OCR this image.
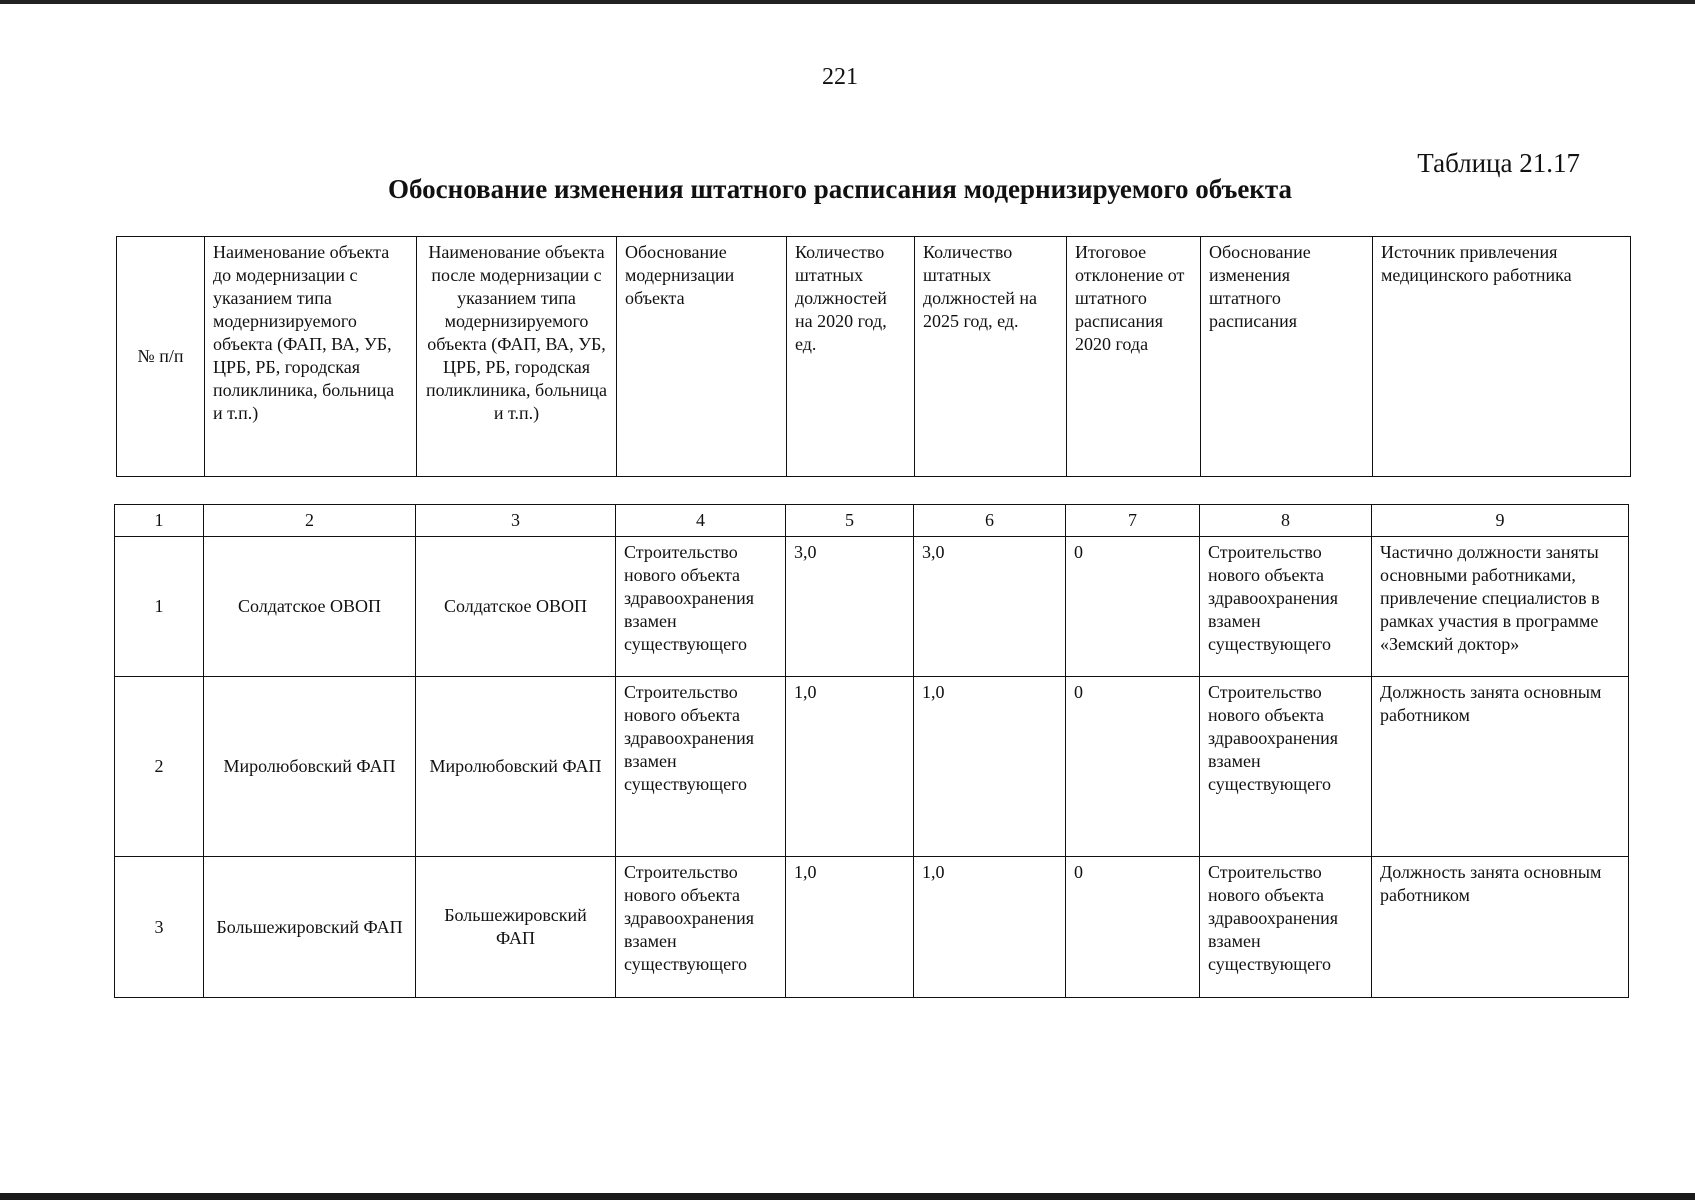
221
Таблица 21.17
Обоснование изменения штатного расписания модернизируемого объекта
№ п/п	Наименование объекта до модернизации с указанием типа модернизируемого объекта (ФАП, ВА, УБ, ЦРБ, РБ, городская поликлиника, больница и т.п.)	Наименование объекта после модернизации с указанием типа модернизируемого объекта (ФАП, ВА, УБ, ЦРБ, РБ, городская поликлиника, больница и т.п.)	Обоснование модернизации объекта	Количество штатных должностей на 2020 год, ед.	Количество штатных должностей на 2025 год, ед.	Итоговое отклонение от штатного расписания 2020 года	Обоснование изменения штатного расписания	Источник привлечения медицинского работника
1	2	3	4	5	6	7	8	9
1	Солдатское ОВОП	Солдатское ОВОП	Строительство нового объекта здравоохранения взамен существующего	3,0	3,0	0	Строительство нового объекта здравоохранения взамен существующего	Частично должности заняты основными работниками, привлечение специалистов в рамках участия в программе «Земский доктор»
2	Миролюбовский ФАП	Миролюбовский ФАП	Строительство нового объекта здравоохранения взамен существующего	1,0	1,0	0	Строительство нового объекта здравоохранения взамен существующего	Должность занята основным работником
3	Большежировский ФАП	Большежировский ФАП	Строительство нового объекта здравоохранения взамен существующего	1,0	1,0	0	Строительство нового объекта здравоохранения взамен существующего	Должность занята основным работником
